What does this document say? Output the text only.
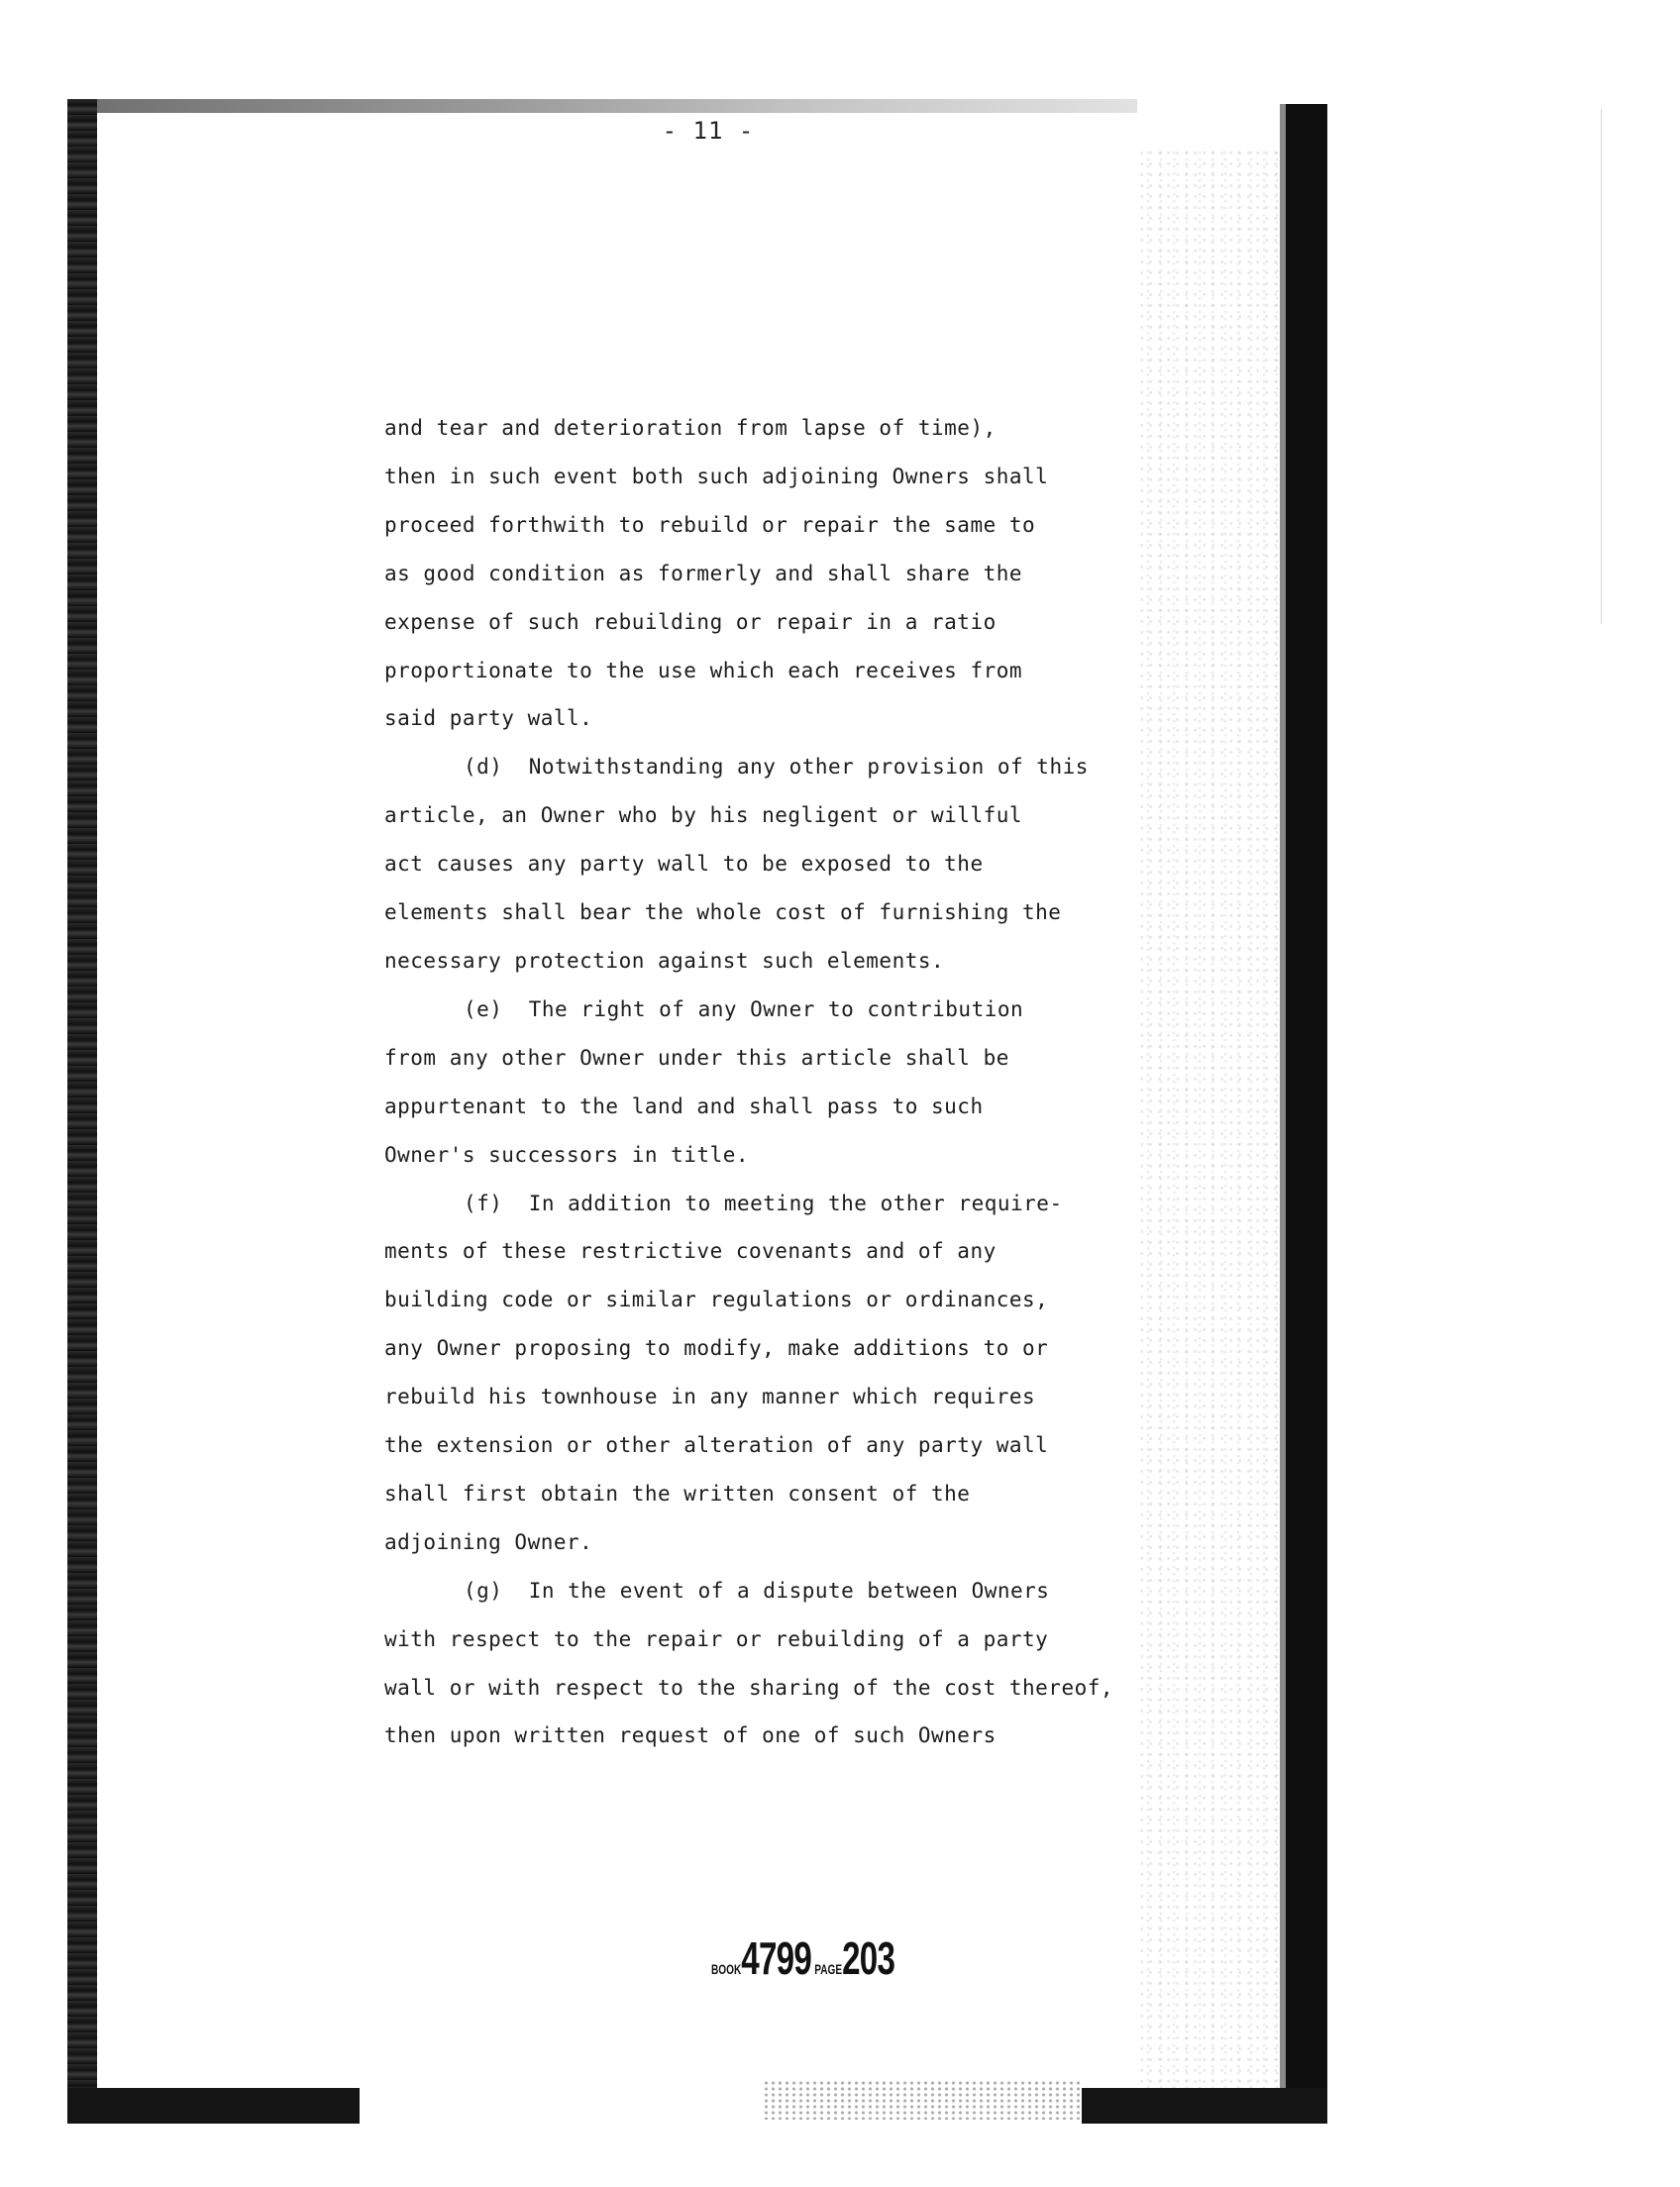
- 11 -
and tear and deterioration from lapse of time),
then in such event both such adjoining Owners shall
proceed forthwith to rebuild or repair the same to
as good condition as formerly and shall share the
expense of such rebuilding or repair in a ratio
proportionate to the use which each receives from
said party wall.
(d)  Notwithstanding any other provision of this
article, an Owner who by his negligent or willful
act causes any party wall to be exposed to the
elements shall bear the whole cost of furnishing the
necessary protection against such elements.
(e)  The right of any Owner to contribution
from any other Owner under this article shall be
appurtenant to the land and shall pass to such
Owner's successors in title.
(f)  In addition to meeting the other require-
ments of these restrictive covenants and of any
building code or similar regulations or ordinances,
any Owner proposing to modify, make additions to or
rebuild his townhouse in any manner which requires
the extension or other alteration of any party wall
shall first obtain the written consent of the
adjoining Owner.
(g)  In the event of a dispute between Owners
with respect to the repair or rebuilding of a party
wall or with respect to the sharing of the cost thereof,
then upon written request of one of such Owners
BOOK4799 PAGE203
